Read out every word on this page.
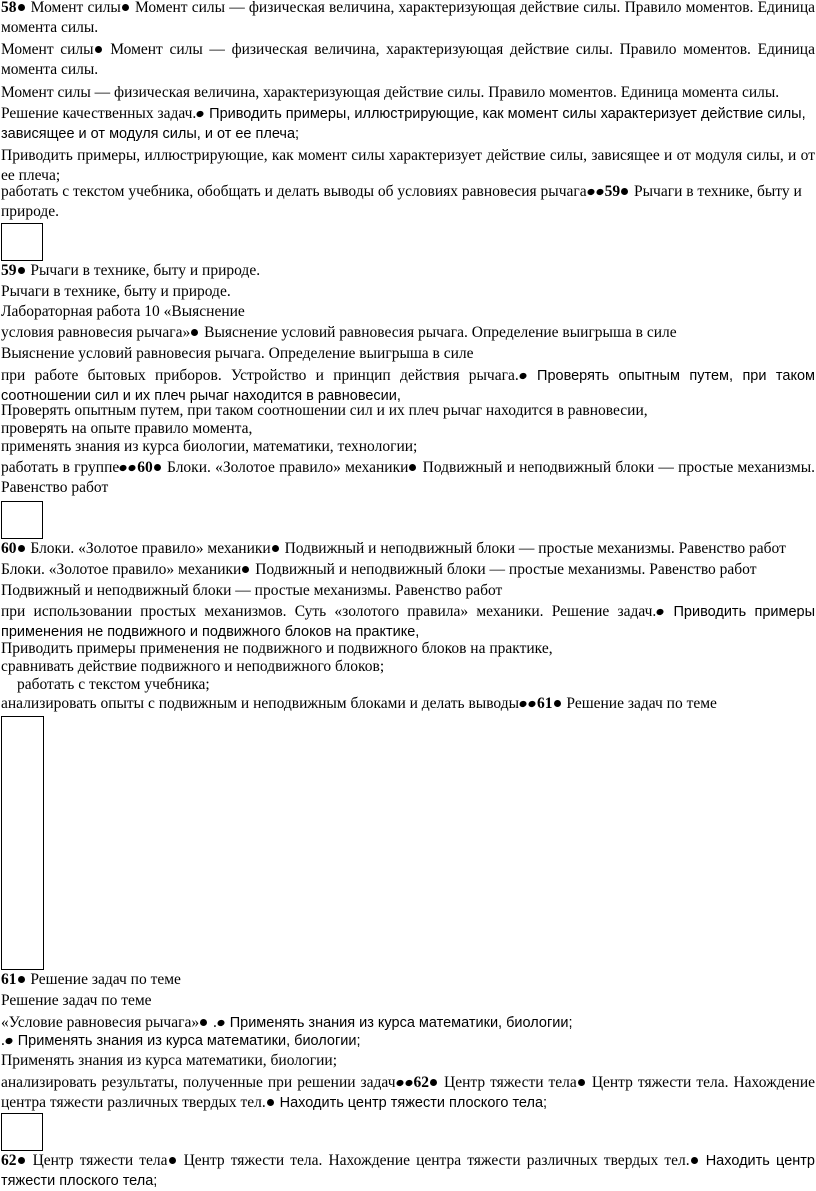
58 Момент силы Момент силы — физическая величина, характеризующая действие силы. Правило моментов. Единица момента силы.
Момент силы Момент силы — физическая величина, характеризующая действие силы. Правило моментов. Единица момента силы.
Момент силы — физическая величина, характеризующая действие силы. Правило моментов. Единица момента силы.
Решение качественных задач. Приводить примеры, иллюстрирующие, как момент силы характеризует действие силы, зависящее и от модуля силы, и от ее плеча;
Приводить примеры, иллюстрирующие, как момент силы характеризует действие силы, зависящее и от модуля силы, и от ее плеча;
работать с текстом учебника, обобщать и делать выводы об условиях равновесия рычага 59 Рычаги в технике, быту и природе.
59 Рычаги в технике, быту и природе.
Рычаги в технике, быту и природе.
Лабораторная работа 10 «Выяснение
условия равновесия рычага» Выяснение условий равновесия рычага. Определение выигрыша в силе
Выяснение условий равновесия рычага. Определение выигрыша в силе
при работе бытовых приборов. Устройство и принцип действия рычага. Проверять опытным путем, при таком соотношении сил и их плеч рычаг находится в равновесии,
Проверять опытным путем, при таком соотношении сил и их плеч рычаг находится в равновесии,
проверять на опыте правило момента,
применять знания из курса биологии, математики, технологии;
работать в группе 60 Блоки. «Золотое правило» механики Подвижный и неподвижный блоки — простые механизмы. Равенство работ
60 Блоки. «Золотое правило» механики Подвижный и неподвижный блоки — простые механизмы. Равенство работ
Блоки. «Золотое правило» механики Подвижный и неподвижный блоки — простые механизмы. Равенство работ
Подвижный и неподвижный блоки — простые механизмы. Равенство работ
при использовании простых механизмов. Суть «золотого правила» механики. Решение задач. Приводить примеры применения не подвижного и подвижного блоков на практике,
Приводить примеры применения не подвижного и подвижного блоков на практике,
сравнивать действие подвижного и неподвижного блоков;
работать с текстом учебника;
анализировать опыты с подвижным и неподвижным блоками и делать выводы 61 Решение задач по теме
61 Решение задач по теме
Решение задач по теме
«Условие равновесия рычага» . Применять знания из курса математики, биологии;
. Применять знания из курса математики, биологии;
Применять знания из курса математики, биологии;
анализировать результаты, полученные при решении задач 62 Центр тяжести тела Центр тяжести тела. Нахождение центра тяжести различных твердых тел. Находить центр тяжести плоского тела;
62 Центр тяжести тела Центр тяжести тела. Нахождение центра тяжести различных твердых тел. Находить центр тяжести плоского тела;
